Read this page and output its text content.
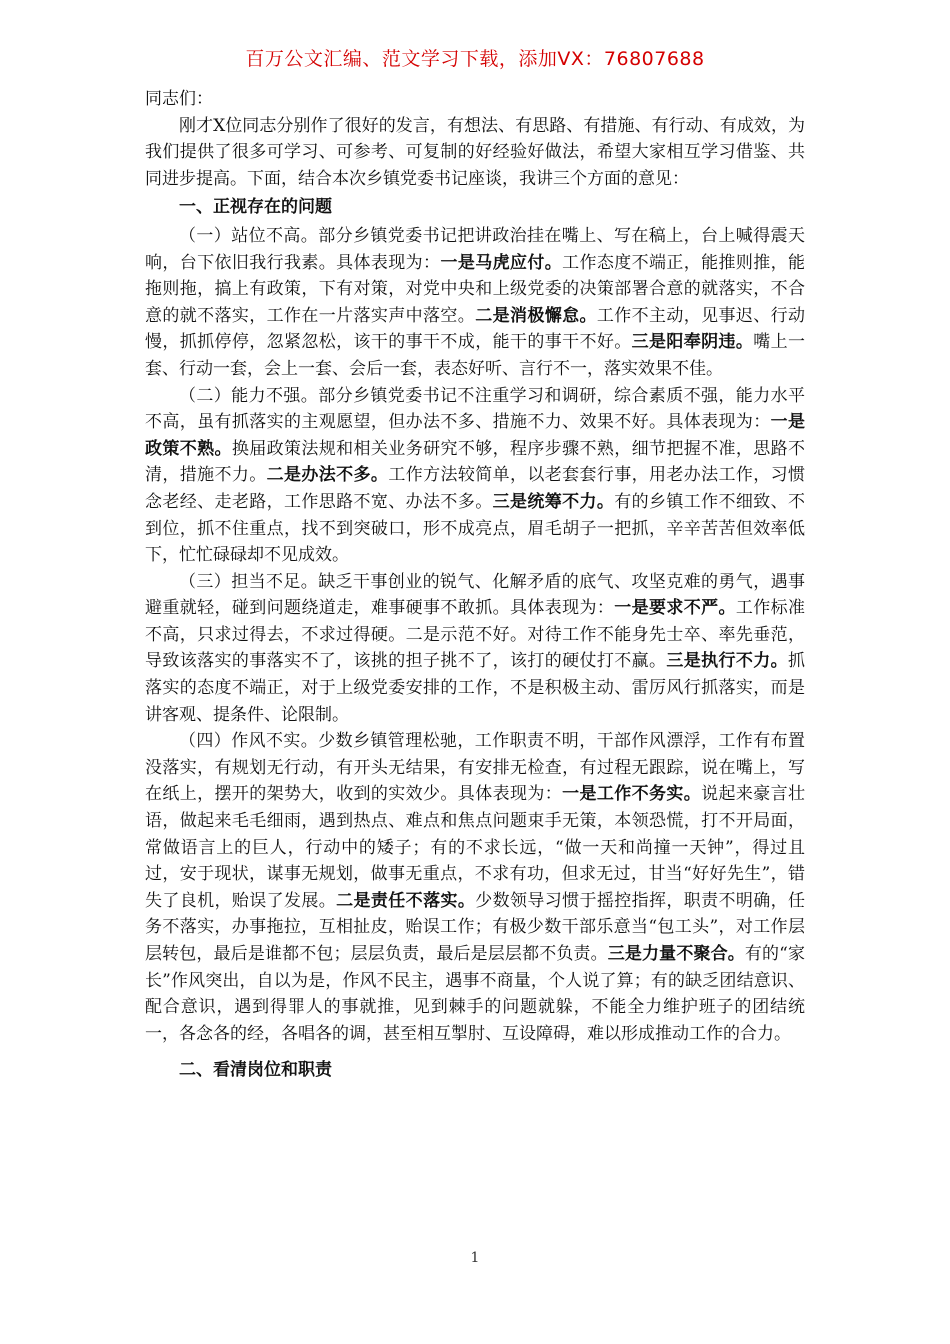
百万公文汇编、范文学习下载，添加VX：76807688

同志们：

刚才X位同志分别作了很好的发言，有想法、有思路、有措施、有行动、有成效，为我们提供了很多可学习、可参考、可复制的好经验好做法，希望大家相互学习借鉴、共同进步提高。下面，结合本次乡镇党委书记座谈，我讲三个方面的意见：

一、正视存在的问题

（一）站位不高。部分乡镇党委书记把讲政治挂在嘴上、写在稿上，台上喊得震天响，台下依旧我行我素。具体表现为：一是马虎应付。工作态度不端正，能推则推，能拖则拖，搞上有政策，下有对策，对党中央和上级党委的决策部署合意的就落实，不合意的就不落实，工作在一片落实声中落空。二是消极懈怠。工作不主动，见事迟、行动慢，抓抓停停，忽紧忽松，该干的事干不成，能干的事干不好。三是阳奉阴违。嘴上一套、行动一套，会上一套、会后一套，表态好听、言行不一，落实效果不佳。

（二）能力不强。部分乡镇党委书记不注重学习和调研，综合素质不强，能力水平不高，虽有抓落实的主观愿望，但办法不多、措施不力、效果不好。具体表现为：一是政策不熟。换届政策法规和相关业务研究不够，程序步骤不熟，细节把握不准，思路不清，措施不力。二是办法不多。工作方法较简单，以老套套行事，用老办法工作，习惯念老经、走老路，工作思路不宽、办法不多。三是统筹不力。有的乡镇工作不细致、不到位，抓不住重点，找不到突破口，形不成亮点，眉毛胡子一把抓，辛辛苦苦但效率低下，忙忙碌碌却不见成效。

（三）担当不足。缺乏干事创业的锐气、化解矛盾的底气、攻坚克难的勇气，遇事避重就轻，碰到问题绕道走，难事硬事不敢抓。具体表现为：一是要求不严。工作标准不高，只求过得去，不求过得硬。二是示范不好。对待工作不能身先士卒、率先垂范，导致该落实的事落实不了，该挑的担子挑不了，该打的硬仗打不赢。三是执行不力。抓落实的态度不端正，对于上级党委安排的工作，不是积极主动、雷厉风行抓落实，而是讲客观、提条件、论限制。

（四）作风不实。少数乡镇管理松驰，工作职责不明，干部作风漂浮，工作有布置没落实，有规划无行动，有开头无结果，有安排无检查，有过程无跟踪，说在嘴上，写在纸上，摆开的架势大，收到的实效少。具体表现为：一是工作不务实。说起来豪言壮语，做起来毛毛细雨，遇到热点、难点和焦点问题束手无策，本领恐慌，打不开局面，常做语言上的巨人，行动中的矮子；有的不求长远，“做一天和尚撞一天钟”，得过且过，安于现状，谋事无规划，做事无重点，不求有功，但求无过，甘当“好好先生”，错失了良机，贻误了发展。二是责任不落实。少数领导习惯于摇控指挥，职责不明确，任务不落实，办事拖拉，互相扯皮，贻误工作；有极少数干部乐意当“包工头”，对工作层层转包，最后是谁都不包；层层负责，最后是层层都不负责。三是力量不聚合。有的“家长”作风突出，自以为是，作风不民主，遇事不商量，个人说了算；有的缺乏团结意识、配合意识，遇到得罪人的事就推，见到棘手的问题就躲，不能全力维护班子的团结统一，各念各的经，各唱各的调，甚至相互掣肘、互设障碍，难以形成推动工作的合力。

二、看清岗位和职责

1
